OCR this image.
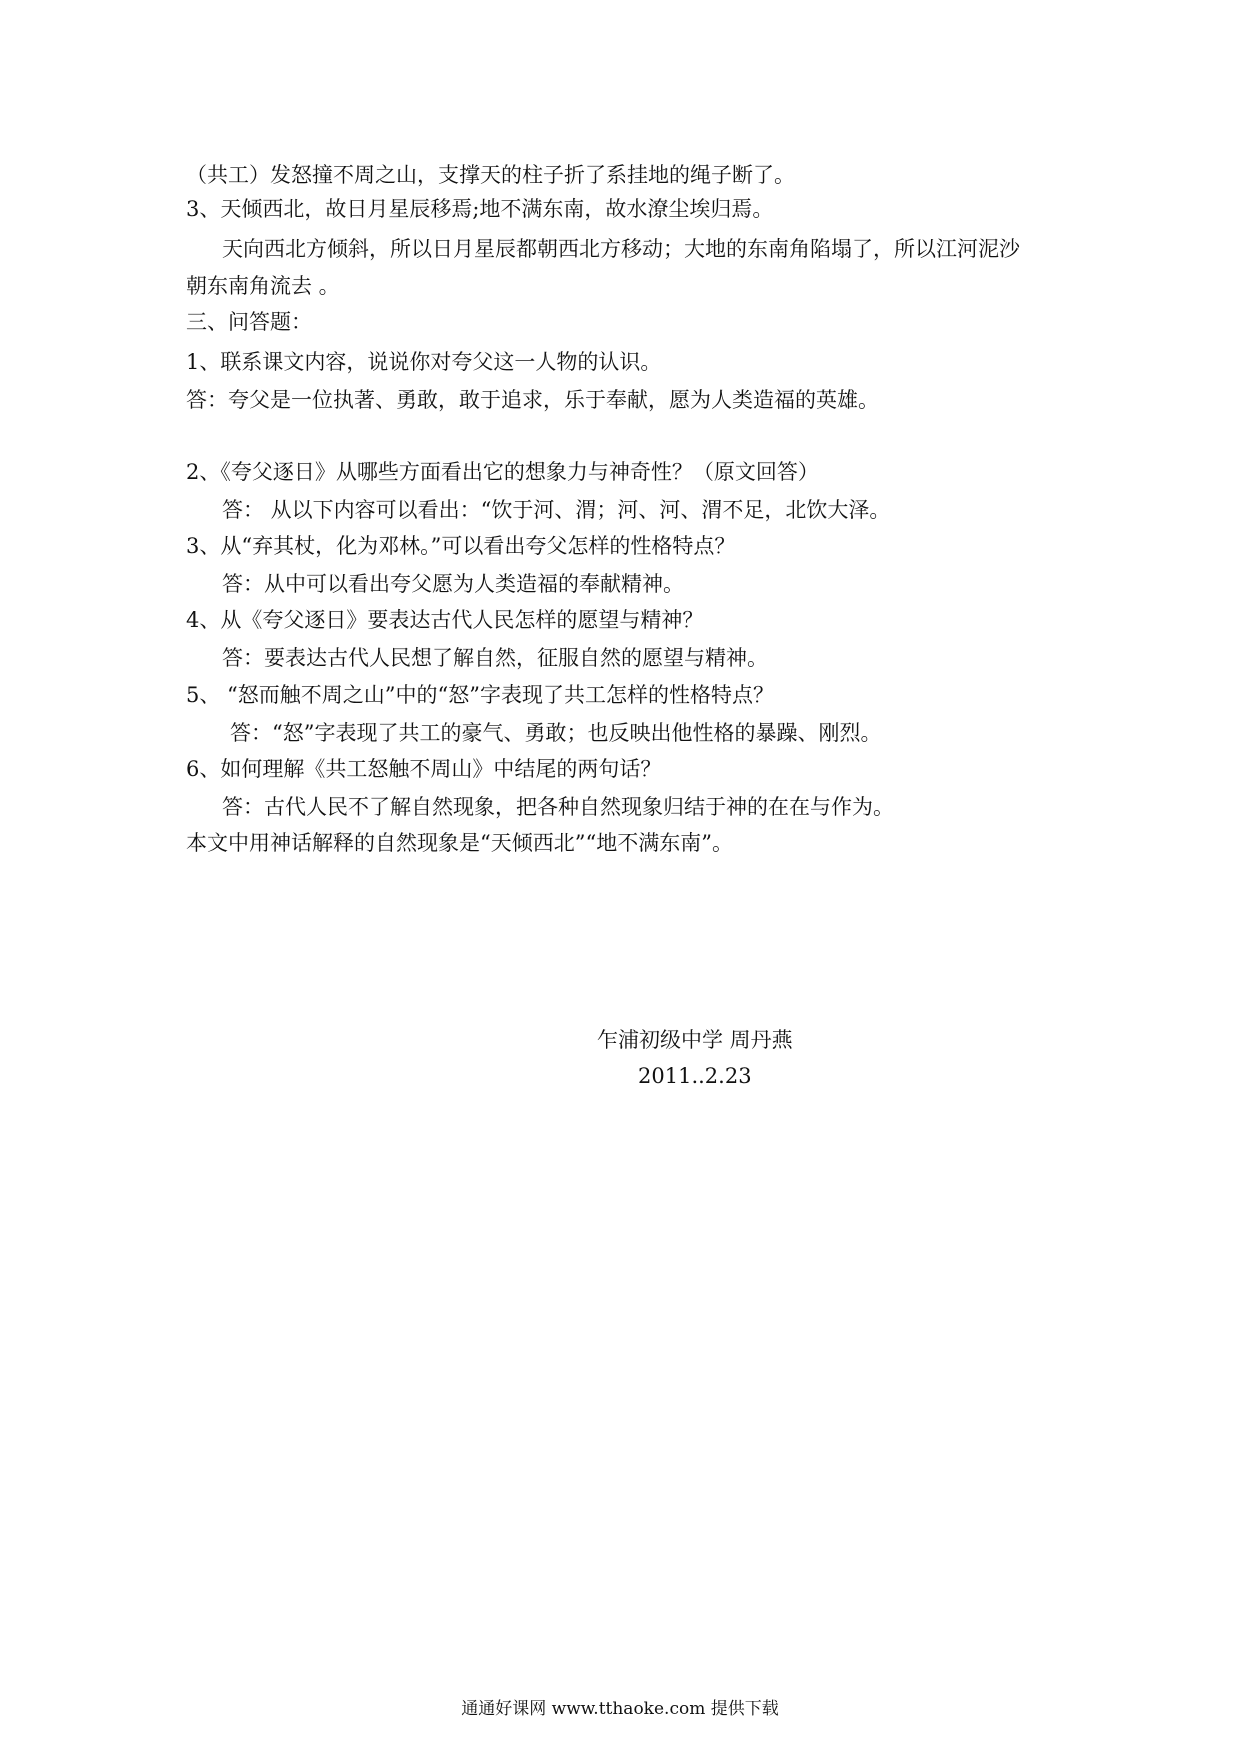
（共工）发怒撞不周之山，支撑天的柱子折了系挂地的绳子断了。
3、天倾西北，故日月星辰移焉;地不满东南，故水潦尘埃归焉。
天向西北方倾斜，所以日月星辰都朝西北方移动；大地的东南角陷塌了，所以江河泥沙
朝东南角流去 。
三、问答题：
1、联系课文内容，说说你对夸父这一人物的认识。
答：夸父是一位执著、勇敢，敢于追求，乐于奉献，愿为人类造福的英雄。
2、《夸父逐日》从哪些方面看出它的想象力与神奇性？（原文回答）
答： 从以下内容可以看出：“饮于河、渭；河、河、渭不足，北饮大泽。
3、从“弃其杖，化为邓林。”可以看出夸父怎样的性格特点？
答：从中可以看出夸父愿为人类造福的奉献精神。
4、从《夸父逐日》要表达古代人民怎样的愿望与精神？
答：要表达古代人民想了解自然，征服自然的愿望与精神。
5、 “怒而触不周之山”中的“怒”字表现了共工怎样的性格特点？
答：“怒”字表现了共工的豪气、勇敢；也反映出他性格的暴躁、刚烈。
6、如何理解《共工怒触不周山》中结尾的两句话？
答：古代人民不了解自然现象，把各种自然现象归结于神的在在与作为。
本文中用神话解释的自然现象是“天倾西北”“地不满东南”。
乍浦初级中学 周丹燕
2011..2.23
通通好课网 www.tthaoke.com 提供下载
